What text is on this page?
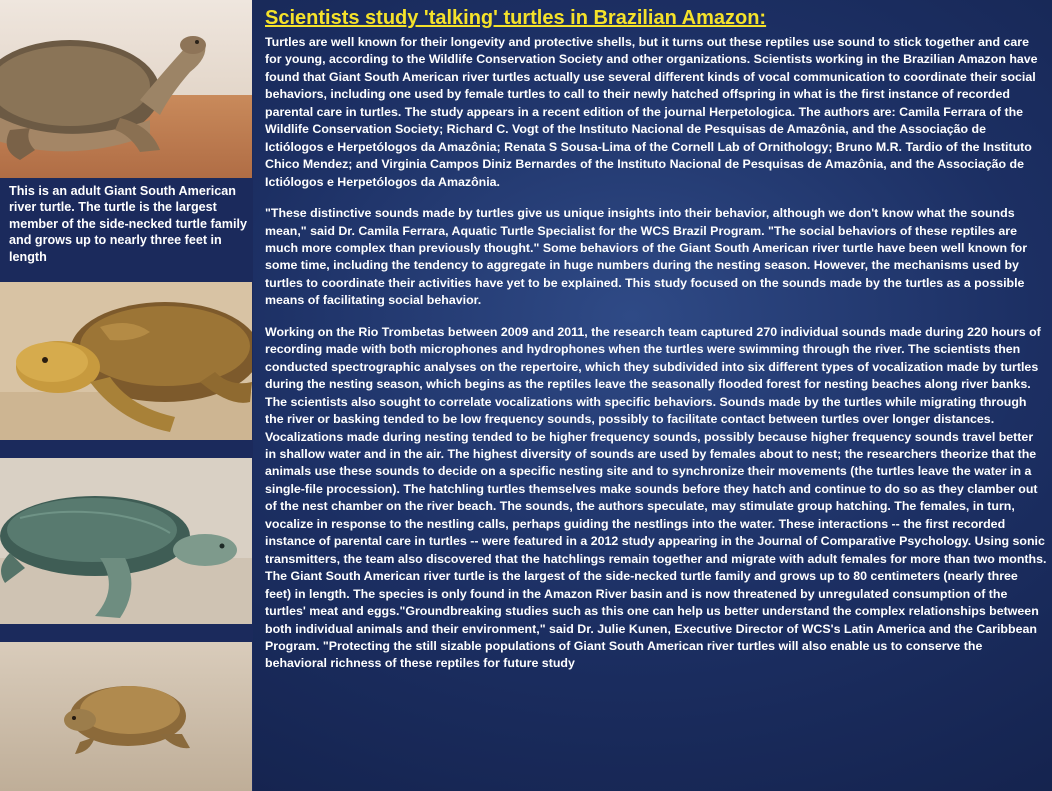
This is an adult Giant South American river turtle. The turtle is the largest member of the side-necked turtle family and grows up to nearly three feet in length
Scientists study 'talking' turtles in Brazilian Amazon:

Turtles are well known for their longevity and protective shells, but it turns out these reptiles use sound to stick together and care for young, according to the Wildlife Conservation Society and other organizations. Scientists working in the Brazilian Amazon have found that Giant South American river turtles actually use several different kinds of vocal communication to coordinate their social behaviors, including one used by female turtles to call to their newly hatched offspring in what is the first instance of recorded parental care in turtles. The study appears in a recent edition of the journal Herpetologica. The authors are: Camila Ferrara of the Wildlife Conservation Society; Richard C. Vogt of the Instituto Nacional de Pesquisas de Amazônia, and the Associação de Ictiólogos e Herpetólogos da Amazônia; Renata S Sousa-Lima of the Cornell Lab of Ornithology; Bruno M.R. Tardio of the Instituto Chico Mendez; and Virginia Campos Diniz Bernardes of the Instituto Nacional de Pesquisas de Amazônia, and the Associação de Ictiólogos e Herpetólogos da Amazônia.

"These distinctive sounds made by turtles give us unique insights into their behavior, although we don't know what the sounds mean," said Dr. Camila Ferrara, Aquatic Turtle Specialist for the WCS Brazil Program. "The social behaviors of these reptiles are much more complex than previously thought." Some behaviors of the Giant South American river turtle have been well known for some time, including the tendency to aggregate in huge numbers during the nesting season. However, the mechanisms used by turtles to coordinate their activities have yet to be explained. This study focused on the sounds made by the turtles as a possible means of facilitating social behavior.

Working on the Rio Trombetas between 2009 and 2011, the research team captured 270 individual sounds made during 220 hours of recording made with both microphones and hydrophones when the turtles were swimming through the river. The scientists then conducted spectrographic analyses on the repertoire, which they subdivided into six different types of vocalization made by turtles during the nesting season, which begins as the reptiles leave the seasonally flooded forest for nesting beaches along river banks. The scientists also sought to correlate vocalizations with specific behaviors. Sounds made by the turtles while migrating through the river or basking tended to be low frequency sounds, possibly to facilitate contact between turtles over longer distances. Vocalizations made during nesting tended to be higher frequency sounds, possibly because higher frequency sounds travel better in shallow water and in the air. The highest diversity of sounds are used by females about to nest; the researchers theorize that the animals use these sounds to decide on a specific nesting site and to synchronize their movements (the turtles leave the water in a single-file procession). The hatchling turtles themselves make sounds before they hatch and continue to do so as they clamber out of the nest chamber on the river beach. The sounds, the authors speculate, may stimulate group hatching. The females, in turn, vocalize in response to the nestling calls, perhaps guiding the nestlings into the water. These interactions -- the first recorded instance of parental care in turtles -- were featured in a 2012 study appearing in the Journal of Comparative Psychology. Using sonic transmitters, the team also discovered that the hatchlings remain together and migrate with adult females for more than two months. The Giant South American river turtle is the largest of the side-necked turtle family and grows up to 80 centimeters (nearly three feet) in length. The species is only found in the Amazon River basin and is now threatened by unregulated consumption of the turtles' meat and eggs."Groundbreaking studies such as this one can help us better understand the complex relationships between both individual animals and their environment," said Dr. Julie Kunen, Executive Director of WCS's Latin America and the Caribbean Program. "Protecting the still sizable populations of Giant South American river turtles will also enable us to conserve the behavioral richness of these reptiles for future study
